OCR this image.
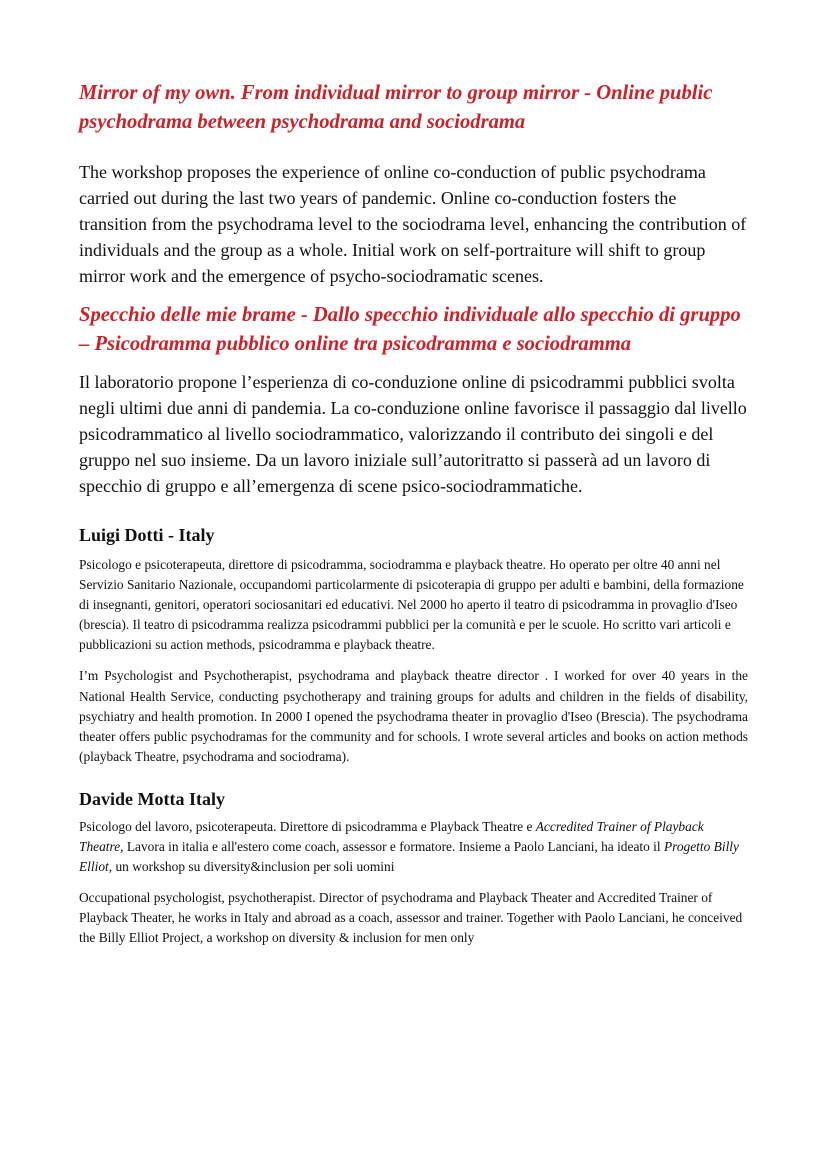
Mirror of my own. From individual mirror to group mirror - Online public psychodrama between psychodrama and sociodrama

The workshop proposes the experience of online co-conduction of public psychodrama carried out during the last two years of pandemic. Online co-conduction fosters the transition from the psychodrama level to the sociodrama level, enhancing the contribution of individuals and the group as a whole. Initial work on self-portraiture will shift to group mirror work and the emergence of psycho-sociodramatic scenes.

Specchio delle mie brame - Dallo specchio individuale allo specchio di gruppo – Psicodramma pubblico online tra psicodramma e sociodramma

Il laboratorio propone l’esperienza di co-conduzione online di psicodrammi pubblici svolta negli ultimi due anni di pandemia. La co-conduzione online favorisce il passaggio dal livello psicodrammatico al livello sociodrammatico, valorizzando il contributo dei singoli e del gruppo nel suo insieme. Da un lavoro iniziale sull’autoritratto si passerà ad un lavoro di specchio di gruppo e all’emergenza di scene psico-sociodrammatiche.

Luigi Dotti - Italy

Psicologo e psicoterapeuta, direttore di psicodramma, sociodramma e playback theatre. Ho operato per oltre 40 anni nel Servizio Sanitario Nazionale, occupandomi particolarmente di psicoterapia di gruppo per adulti e bambini, della formazione di insegnanti, genitori, operatori sociosanitari ed educativi. Nel 2000 ho aperto il teatro di psicodramma in provaglio d'Iseo (brescia). Il teatro di psicodramma realizza psicodrammi pubblici per la comunità e per le scuole. Ho scritto vari articoli e pubblicazioni su action methods, psicodramma e playback theatre.

I’m Psychologist and Psychotherapist, psychodrama and playback theatre director . I worked for over 40 years in the National Health Service, conducting psychotherapy and training groups for adults and children in the fields of disability, psychiatry and health promotion. In 2000 I opened the psychodrama theater in provaglio d'Iseo (Brescia). The psychodrama theater offers public psychodramas for the community and for schools. I wrote several articles and books on action methods (playback Theatre, psychodrama and sociodrama).

Davide Motta Italy

Psicologo del lavoro, psicoterapeuta. Direttore di psicodramma e Playback Theatre e Accredited Trainer of Playback Theatre, Lavora in italia e all'estero come coach, assessor e formatore. Insieme a Paolo Lanciani, ha ideato il Progetto Billy Elliot, un workshop su diversity&inclusion per soli uomini

Occupational psychologist, psychotherapist. Director of psychodrama and Playback Theater and Accredited Trainer of Playback Theater, he works in Italy and abroad as a coach, assessor and trainer. Together with Paolo Lanciani, he conceived the Billy Elliot Project, a workshop on diversity & inclusion for men only
